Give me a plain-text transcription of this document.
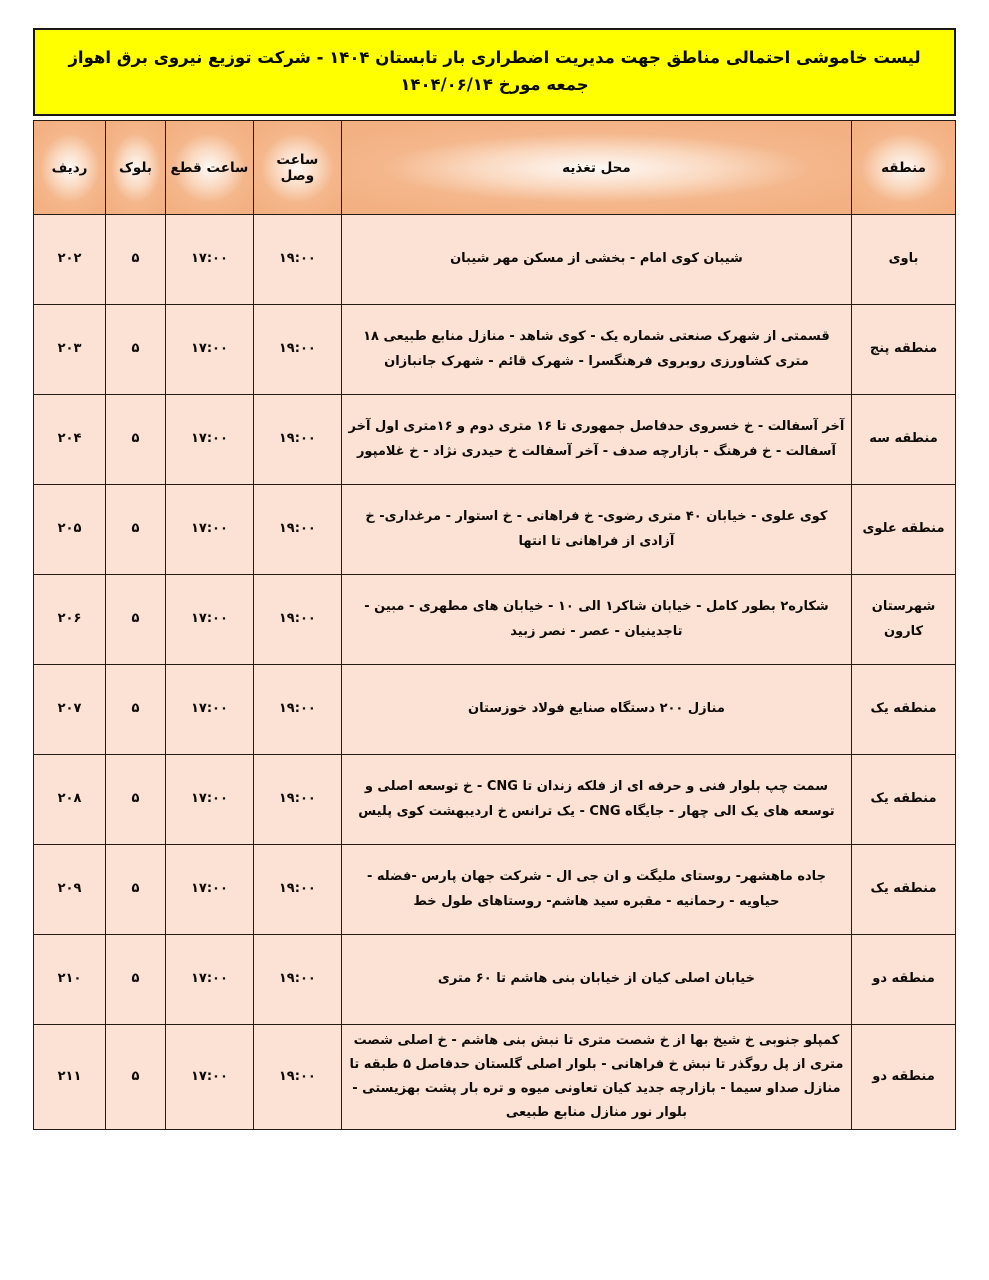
لیست خاموشی احتمالی مناطق جهت مدیریت اضطراری بار تابستان ۱۴۰۴ - شرکت توزیع نیروی برق اهواز
جمعه مورخ ۱۴۰۴/۰۶/۱۴
منطقه	محل تغذیه	ساعت وصل	ساعت قطع	بلوک	ردیف
باوی	شیبان کوی امام - بخشی از مسکن مهر شیبان	۱۹:۰۰	۱۷:۰۰	۵	۲۰۲
منطقه پنج	قسمتی از شهرک صنعتی شماره یک - کوی شاهد - منازل منابع طبیعی ۱۸ متری کشاورزی روبروی فرهنگسرا - شهرک قائم - شهرک جانبازان	۱۹:۰۰	۱۷:۰۰	۵	۲۰۳
منطقه سه	آخر آسفالت - خ خسروی حدفاصل جمهوری تا ۱۶ متری دوم و ۱۶متری اول آخر آسفالت - خ فرهنگ - بازارچه صدف - آخر آسفالت خ حیدری نژاد - خ غلامپور	۱۹:۰۰	۱۷:۰۰	۵	۲۰۴
منطقه علوی	کوی علوی - خیابان ۴۰ متری رضوی- خ فراهانی - خ استوار - مرغداری- خ آزادی از فراهانی تا انتها	۱۹:۰۰	۱۷:۰۰	۵	۲۰۵
شهرستان کارون	شکاره۲ بطور کامل - خیابان شاکر۱ الی ۱۰ - خیابان های مطهری - مبین - تاجدینیان - عصر - نصر زبید	۱۹:۰۰	۱۷:۰۰	۵	۲۰۶
منطقه یک	منازل ۲۰۰ دستگاه صنایع فولاد خوزستان	۱۹:۰۰	۱۷:۰۰	۵	۲۰۷
منطقه یک	سمت چپ بلوار فنی و حرفه ای از فلکه زندان تا CNG - خ توسعه اصلی و توسعه های یک الی چهار - جایگاه CNG - یک ترانس خ اردیبهشت کوی پلیس	۱۹:۰۰	۱۷:۰۰	۵	۲۰۸
منطقه یک	جاده ماهشهر- روستای ملیگت و ان جی ال - شرکت جهان پارس -فضله - حیاویه - رحمانیه - مقبره سید هاشم- روستاهای طول خط	۱۹:۰۰	۱۷:۰۰	۵	۲۰۹
منطقه دو	خیابان اصلی کیان از خیابان بنی هاشم تا ۶۰ متری	۱۹:۰۰	۱۷:۰۰	۵	۲۱۰
منطقه دو	کمپلو جنوبی خ شیخ بها از خ شصت متری تا نبش بنی هاشم - خ اصلی شصت متری از پل روگذر تا نبش خ فراهانی - بلوار اصلی گلستان حدفاصل ۵ طبقه تا منازل صداو سیما - بازارچه جدید کیان تعاونی میوه و تره بار پشت بهزیستی - بلوار نور منازل منابع طبیعی	۱۹:۰۰	۱۷:۰۰	۵	۲۱۱
